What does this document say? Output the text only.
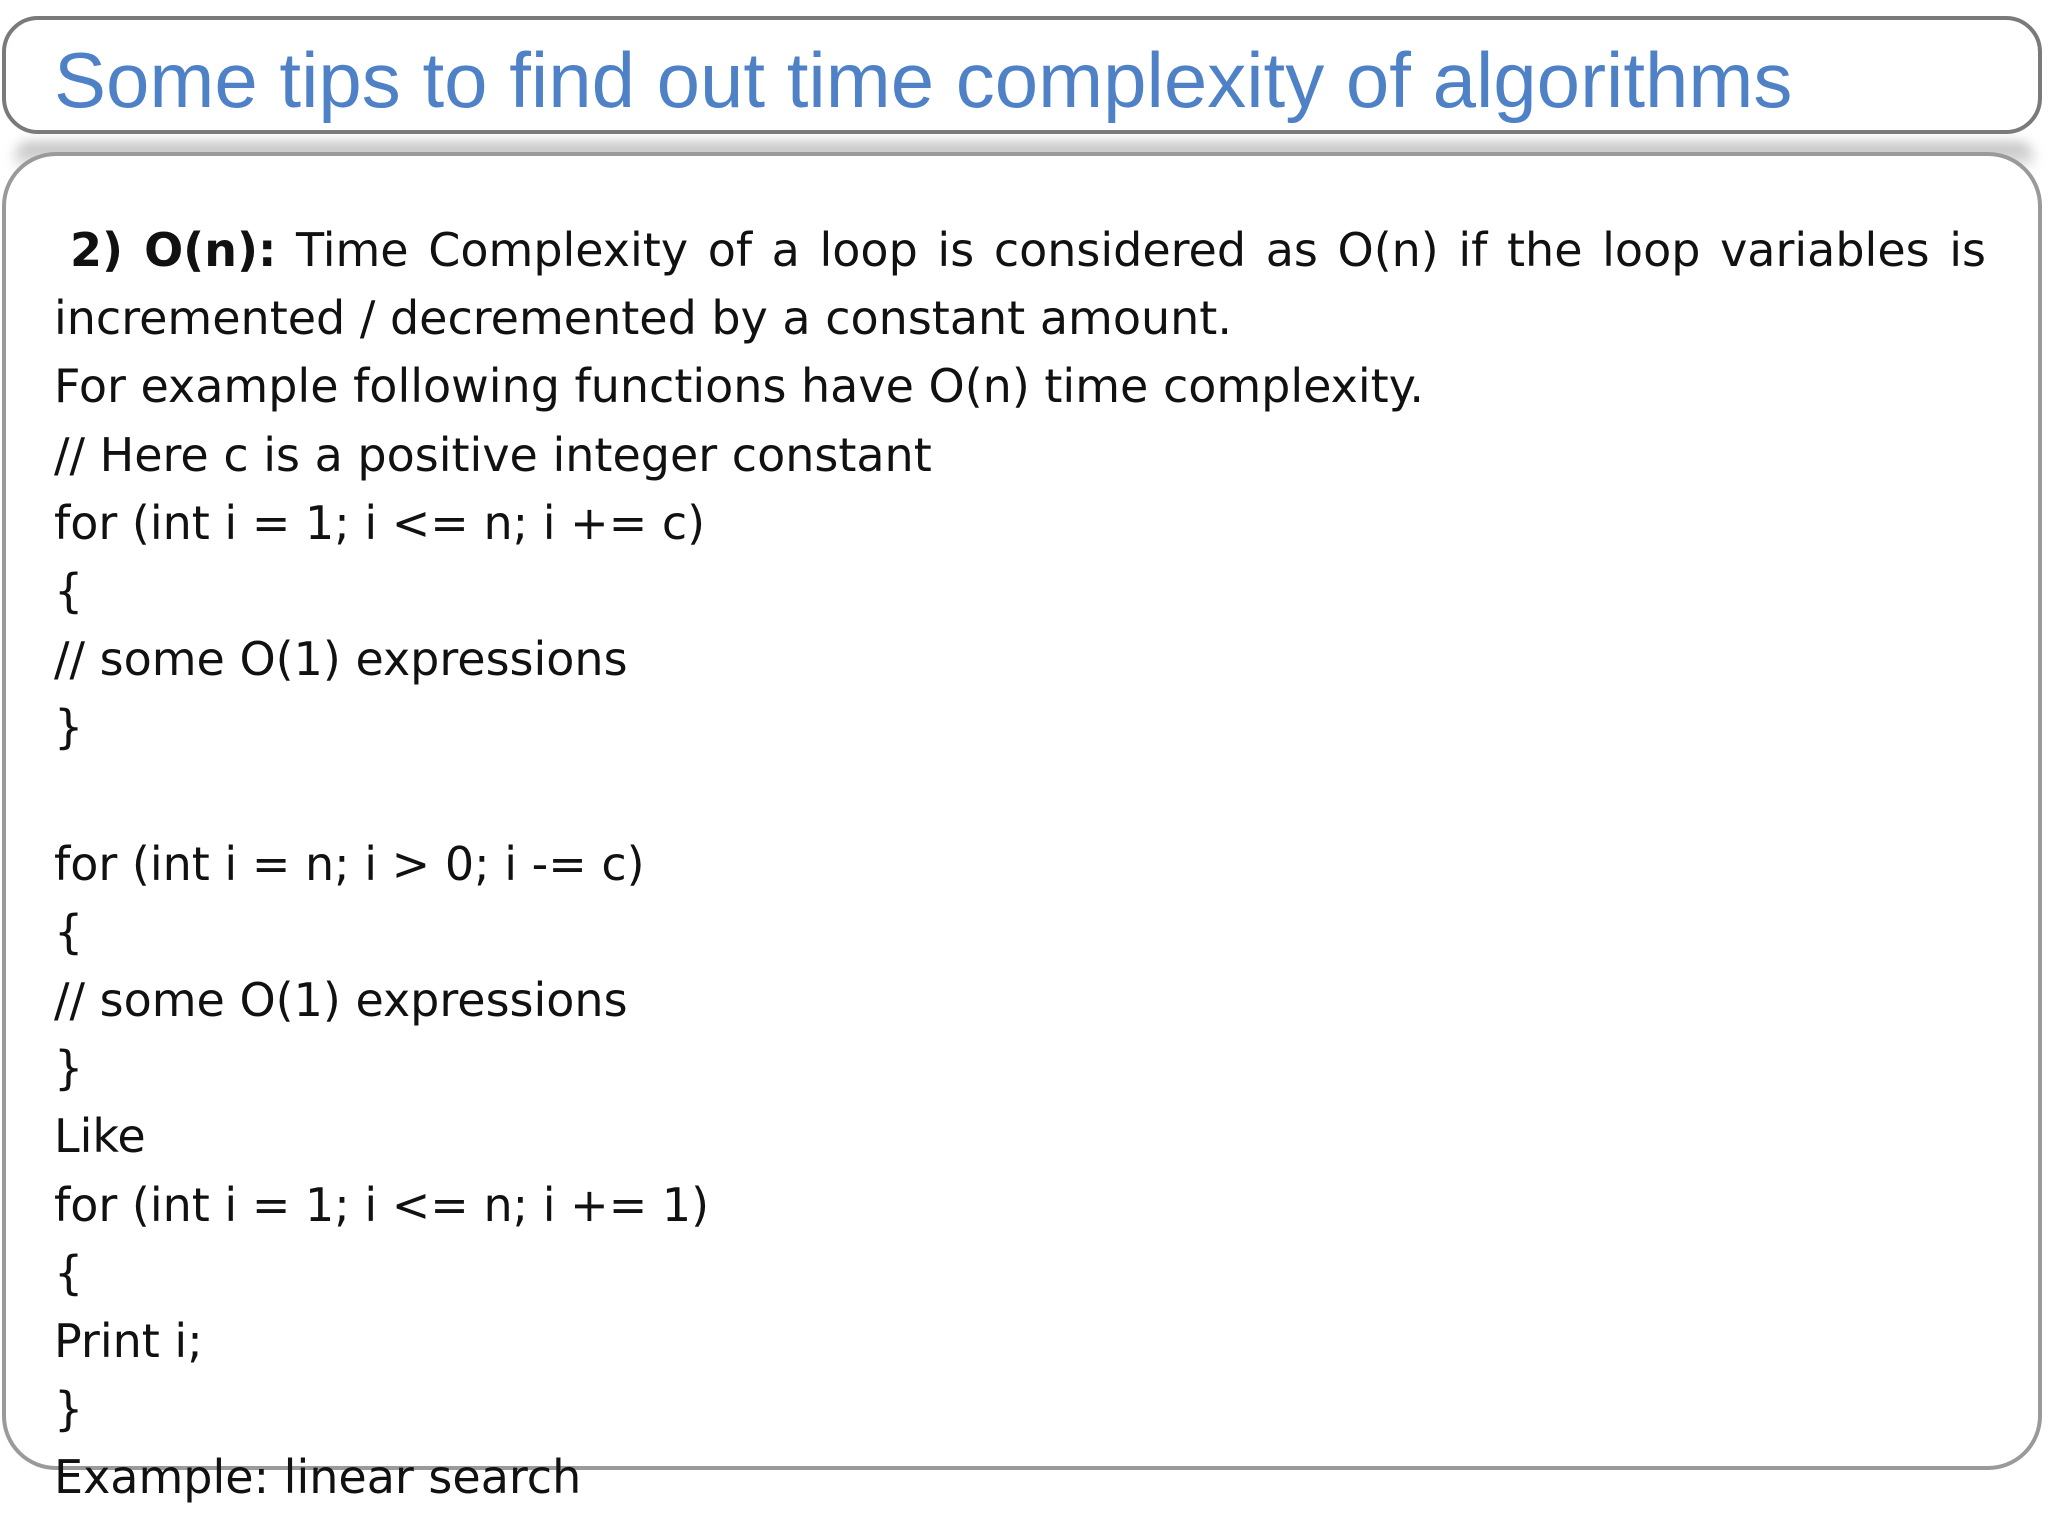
Some tips to find out time complexity of algorithms

2) O(n): Time Complexity of a loop is considered as O(n) if the loop variables is incremented / decremented by a constant amount.

For example following functions have O(n) time complexity.

// Here c is a positive integer constant

for (int i = 1; i <= n; i += c)

{

// some O(1) expressions

}

for (int i = n; i > 0; i -= c)

{

// some O(1) expressions

}

Like

for (int i = 1; i <= n; i += 1)

{

Print i;

}

Example: linear search
